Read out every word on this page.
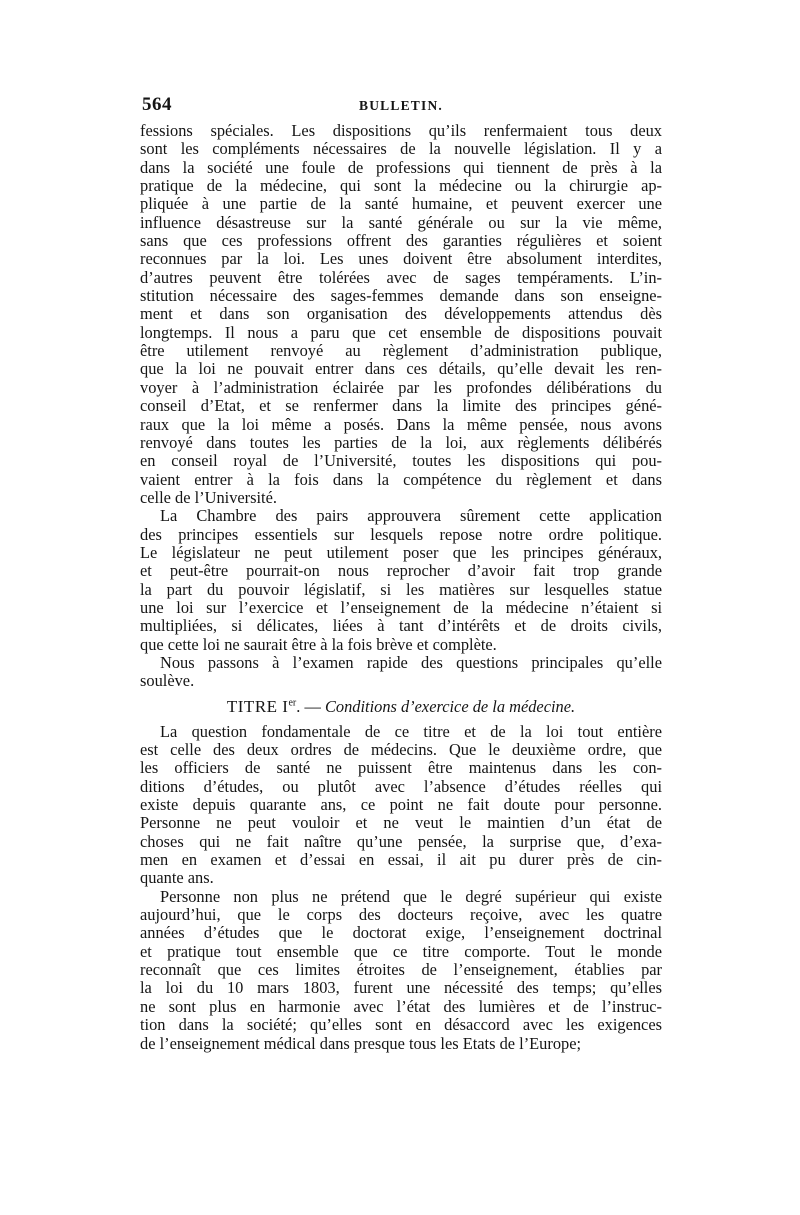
564	BULLETIN.
fessions spéciales. Les dispositions qu’ils renfermaient tous deux
sont les compléments nécessaires de la nouvelle législation. Il y a
dans la société une foule de professions qui tiennent de près à la
pratique de la médecine, qui sont la médecine ou la chirurgie ap-
pliquée à une partie de la santé humaine, et peuvent exercer une
influence désastreuse sur la santé générale ou sur la vie même,
sans que ces professions offrent des garanties régulières et soient
reconnues par la loi. Les unes doivent être absolument interdites,
d’autres peuvent être tolérées avec de sages tempéraments. L’in-
stitution nécessaire des sages-femmes demande dans son enseigne-
ment et dans son organisation des développements attendus dès
longtemps. Il nous a paru que cet ensemble de dispositions pouvait
être utilement renvoyé au règlement d’administration publique,
que la loi ne pouvait entrer dans ces détails, qu’elle devait les ren-
voyer à l’administration éclairée par les profondes délibérations du
conseil d’Etat, et se renfermer dans la limite des principes géné-
raux que la loi même a posés. Dans la même pensée, nous avons
renvoyé dans toutes les parties de la loi, aux règlements délibérés
en conseil royal de l’Université, toutes les dispositions qui pou-
vaient entrer à la fois dans la compétence du règlement et dans
celle de l’Université.
La Chambre des pairs approuvera sûrement cette application
des principes essentiels sur lesquels repose notre ordre politique.
Le législateur ne peut utilement poser que les principes généraux,
et peut-être pourrait-on nous reprocher d’avoir fait trop grande
la part du pouvoir législatif, si les matières sur lesquelles statue
une loi sur l’exercice et l’enseignement de la médecine n’étaient si
multipliées, si délicates, liées à tant d’intérêts et de droits civils,
que cette loi ne saurait être à la fois brève et complète.
Nous passons à l’examen rapide des questions principales qu’elle
soulève.
TITRE Ier. — Conditions d’exercice de la médecine.
La question fondamentale de ce titre et de la loi tout entière
est celle des deux ordres de médecins. Que le deuxième ordre, que
les officiers de santé ne puissent être maintenus dans les con-
ditions d’études, ou plutôt avec l’absence d’études réelles qui
existe depuis quarante ans, ce point ne fait doute pour personne.
Personne ne peut vouloir et ne veut le maintien d’un état de
choses qui ne fait naître qu’une pensée, la surprise que, d’exa-
men en examen et d’essai en essai, il ait pu durer près de cin-
quante ans.
Personne non plus ne prétend que le degré supérieur qui existe
aujourd’hui, que le corps des docteurs reçoive, avec les quatre
années d’études que le doctorat exige, l’enseignement doctrinal
et pratique tout ensemble que ce titre comporte. Tout le monde
reconnaît que ces limites étroites de l’enseignement, établies par
la loi du 10 mars 1803, furent une nécessité des temps; qu’elles
ne sont plus en harmonie avec l’état des lumières et de l’instruc-
tion dans la société; qu’elles sont en désaccord avec les exigences
de l’enseignement médical dans presque tous les Etats de l’Europe;
